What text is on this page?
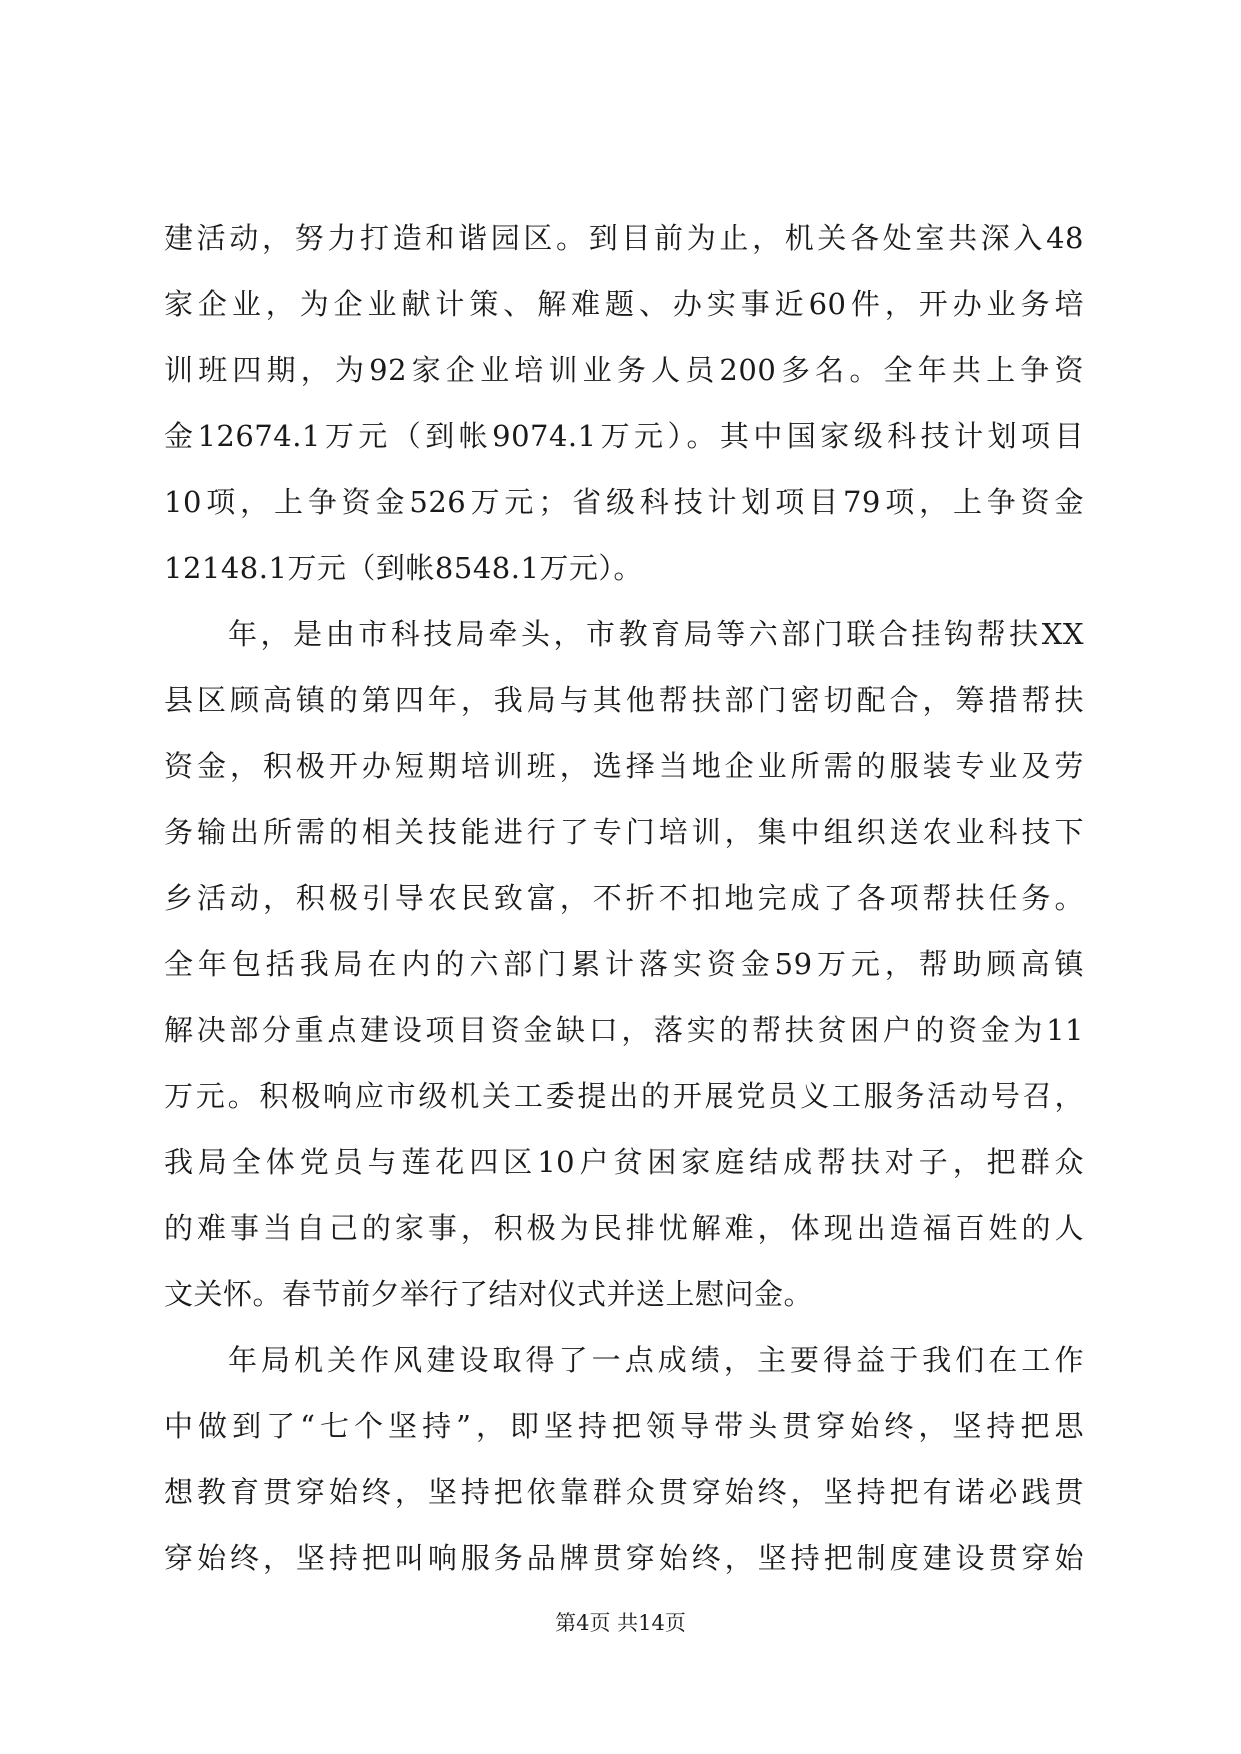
建活动，努力打造和谐园区。到目前为止，机关各处室共深入48
家企业，为企业献计策、解难题、办实事近60件，开办业务培
训班四期，为92家企业培训业务人员200多名。全年共上争资
金12674.1万元（到帐9074.1万元）。其中国家级科技计划项目
10项，上争资金526万元；省级科技计划项目79项，上争资金
12148.1万元（到帐8548.1万元）。
年，是由市科技局牵头，市教育局等六部门联合挂钩帮扶XX
县区顾高镇的第四年，我局与其他帮扶部门密切配合，筹措帮扶
资金，积极开办短期培训班，选择当地企业所需的服装专业及劳
务输出所需的相关技能进行了专门培训，集中组织送农业科技下
乡活动，积极引导农民致富，不折不扣地完成了各项帮扶任务。
全年包括我局在内的六部门累计落实资金59万元，帮助顾高镇
解决部分重点建设项目资金缺口，落实的帮扶贫困户的资金为11
万元。积极响应市级机关工委提出的开展党员义工服务活动号召，
我局全体党员与莲花四区10户贫困家庭结成帮扶对子，把群众
的难事当自己的家事，积极为民排忧解难，体现出造福百姓的人
文关怀。春节前夕举行了结对仪式并送上慰问金。
年局机关作风建设取得了一点成绩，主要得益于我们在工作
中做到了“七个坚持”，即坚持把领导带头贯穿始终，坚持把思
想教育贯穿始终，坚持把依靠群众贯穿始终，坚持把有诺必践贯
穿始终，坚持把叫响服务品牌贯穿始终，坚持把制度建设贯穿始
第4页 共14页
